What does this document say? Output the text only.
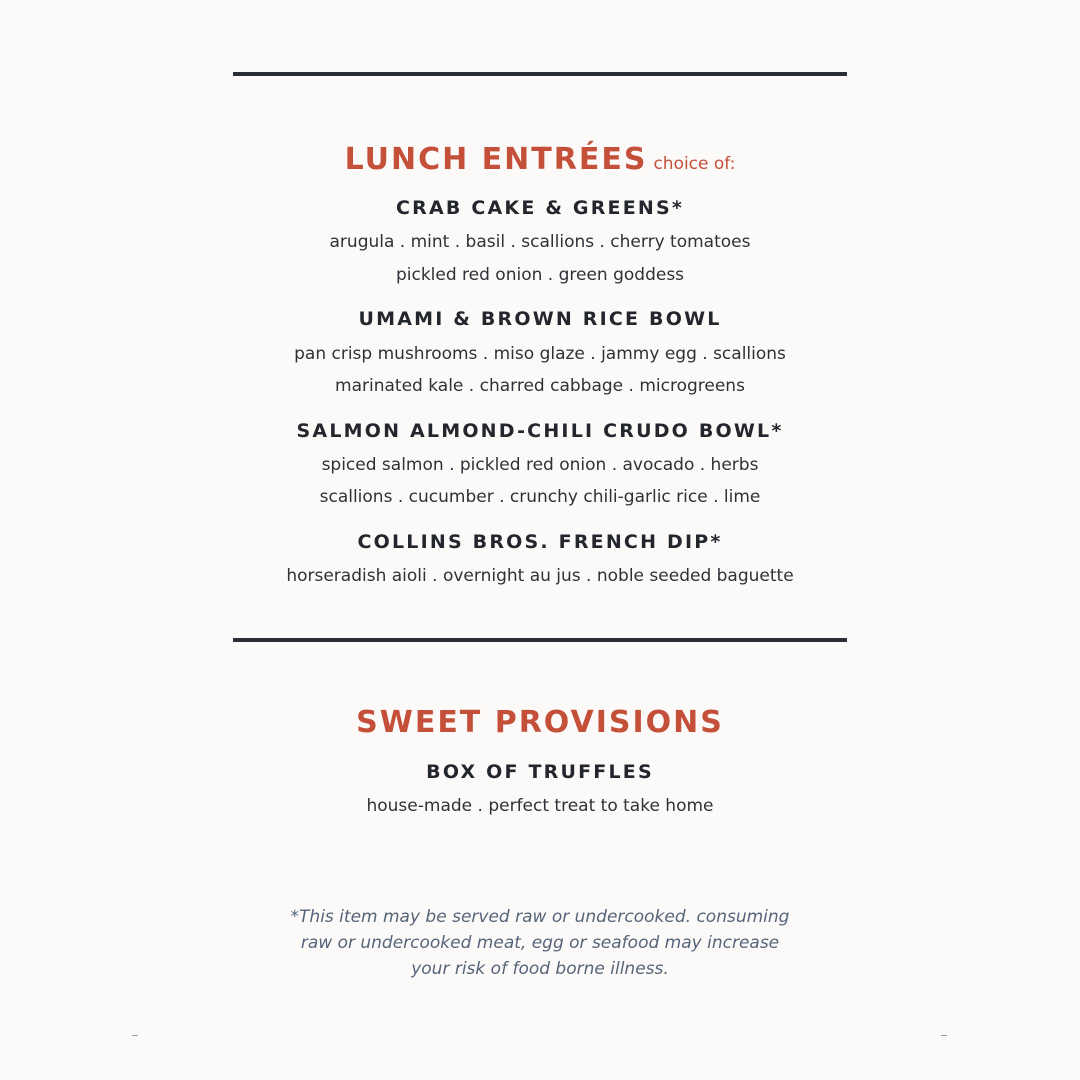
LUNCH ENTRÉES choice of:
CRAB CAKE & GREENS*
arugula . mint . basil . scallions . cherry tomatoes
pickled red onion . green goddess
UMAMI & BROWN RICE BOWL
pan crisp mushrooms . miso glaze . jammy egg . scallions
marinated kale . charred cabbage . microgreens
SALMON ALMOND-CHILI CRUDO BOWL*
spiced salmon . pickled red onion . avocado . herbs
scallions . cucumber . crunchy chili-garlic rice . lime
COLLINS BROS. FRENCH DIP*
horseradish aioli . overnight au jus . noble seeded baguette
SWEET PROVISIONS
BOX OF TRUFFLES
house-made . perfect treat to take home
*This item may be served raw or undercooked. consuming
raw or undercooked meat, egg or seafood may increase
your risk of food borne illness.
